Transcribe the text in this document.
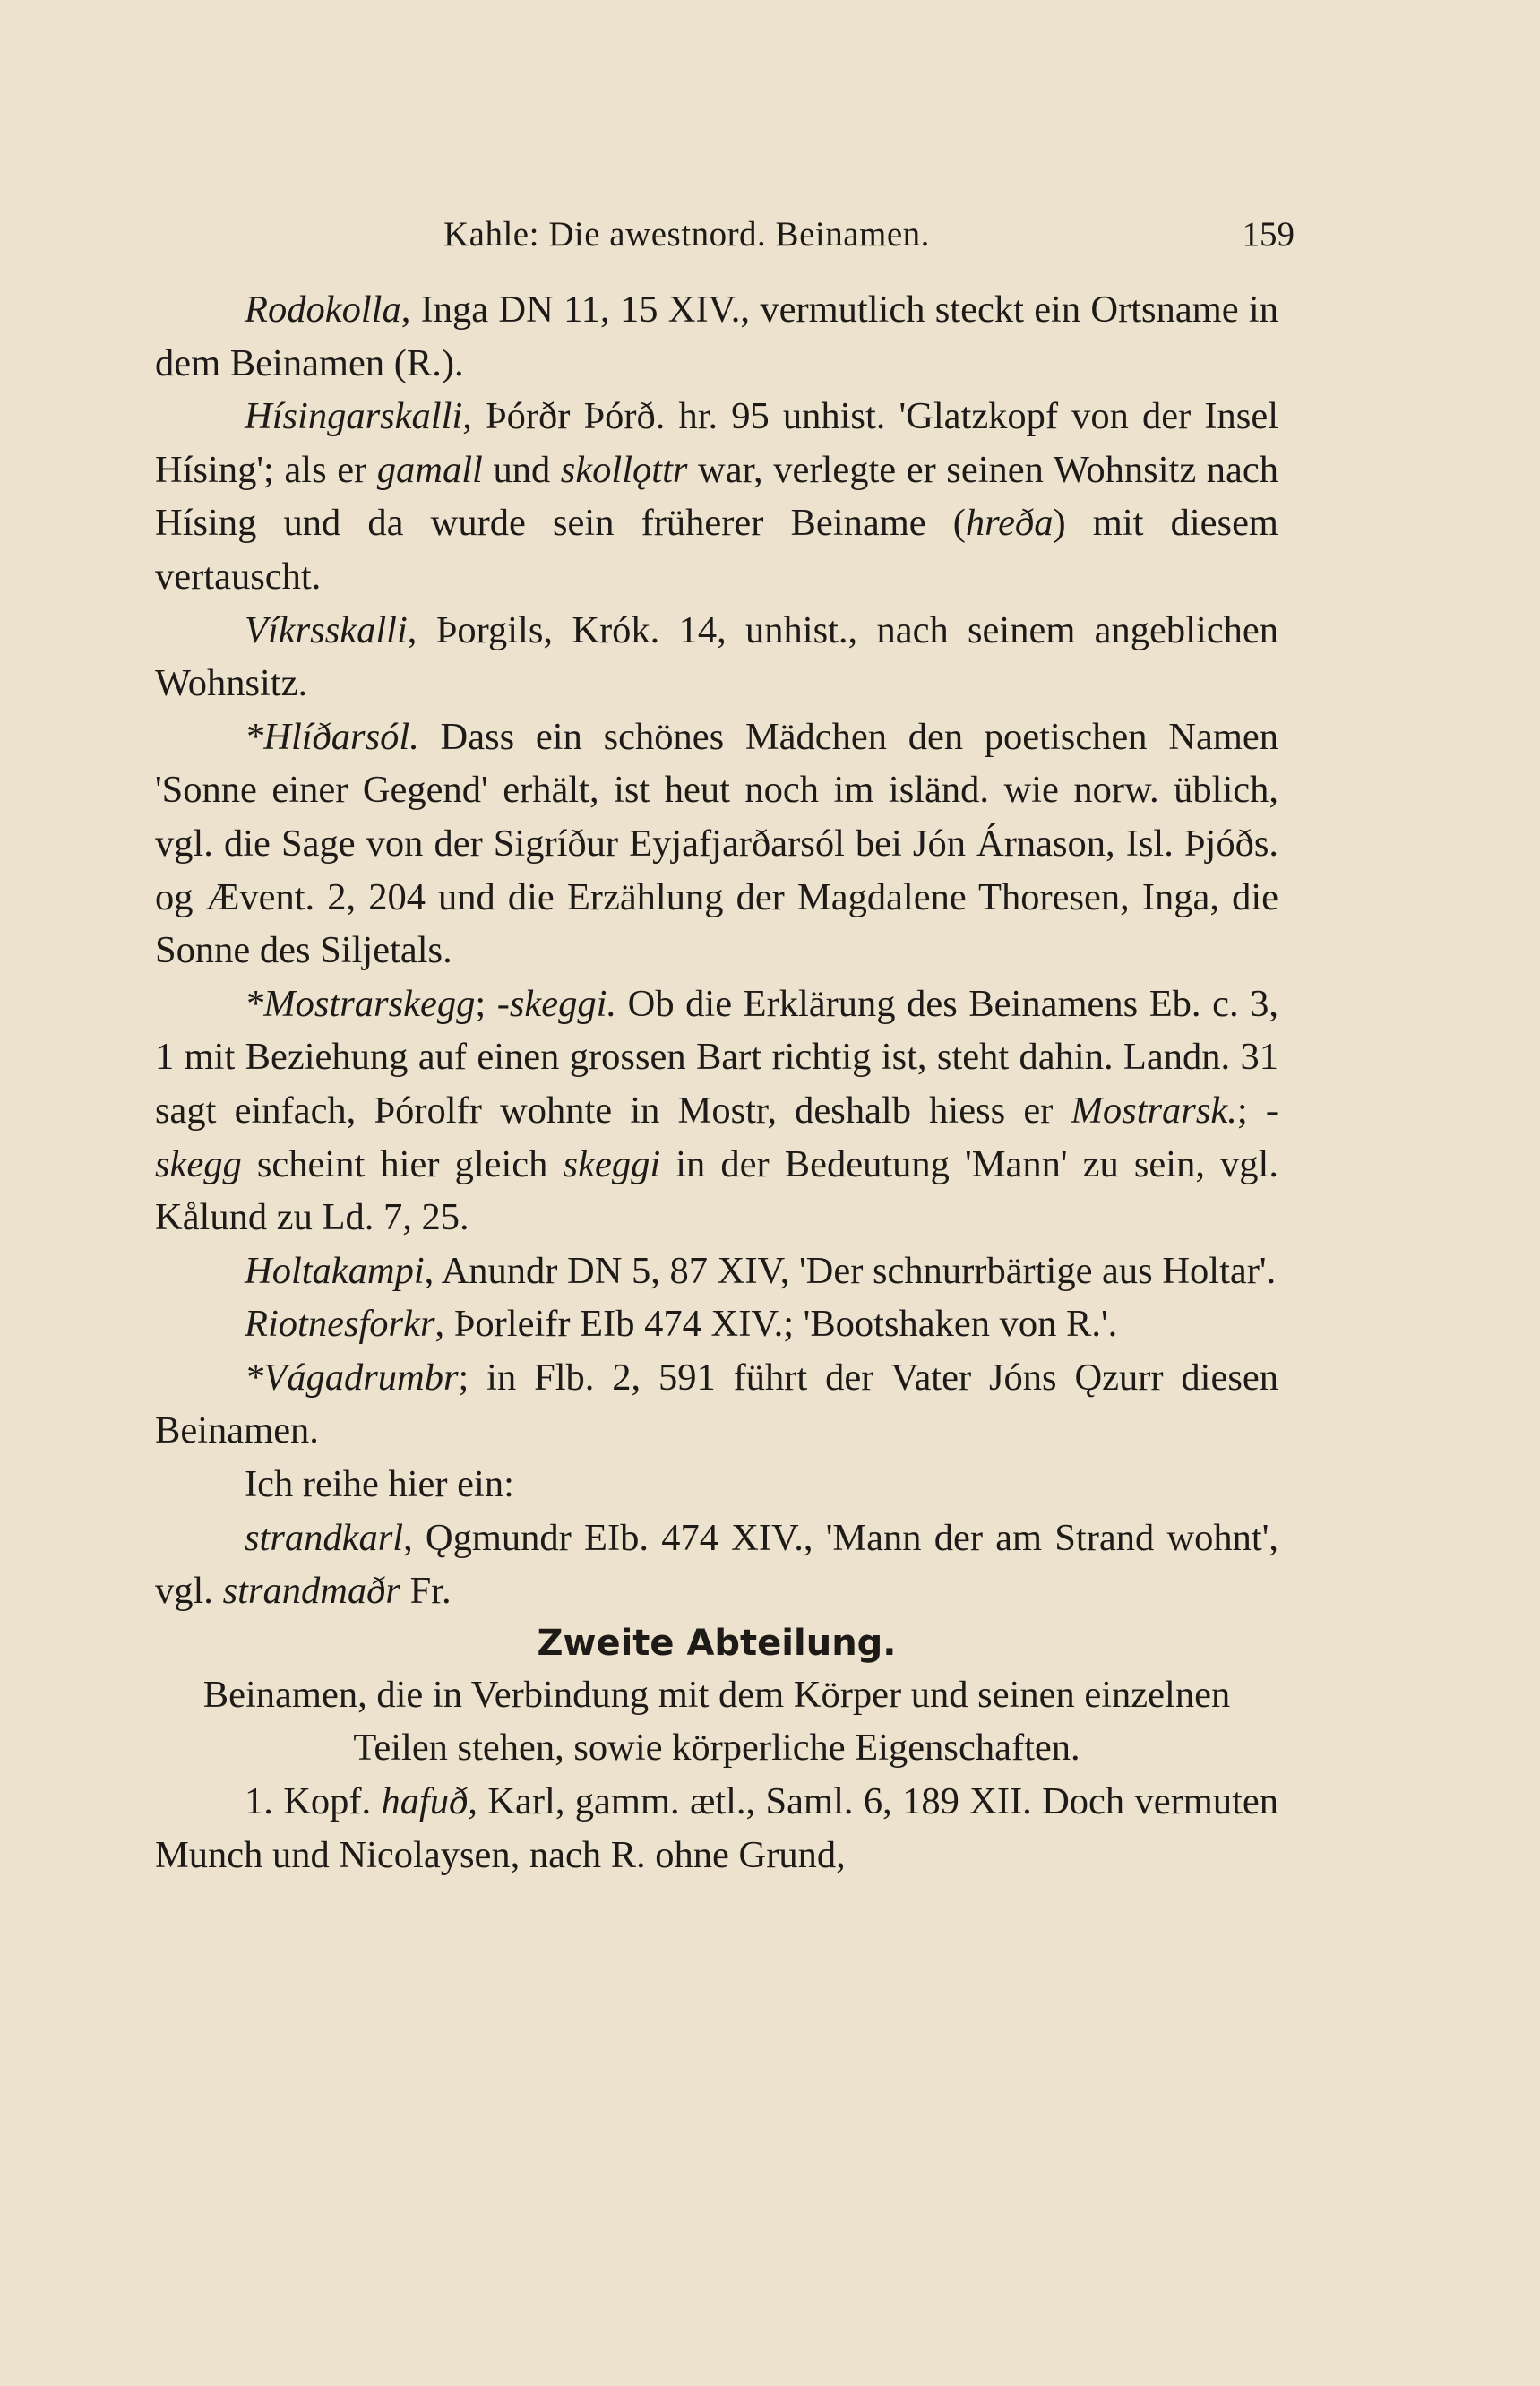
Kahle: Die awestnord. Beinamen.	159

Rodokolla, Inga DN 11, 15 XIV., vermutlich steckt ein Ortsname in dem Beinamen (R.).

Hísingarskalli, Þórðr Þórð. hr. 95 unhist. 'Glatzkopf von der Insel Hísing'; als er gamall und skollǫttr war, verlegte er seinen Wohnsitz nach Hísing und da wurde sein früherer Beiname (hreða) mit diesem vertauscht.

Víkrsskalli, Þorgils, Krók. 14, unhist., nach seinem angeblichen Wohnsitz.

*Hlíðarsól. Dass ein schönes Mädchen den poetischen Namen 'Sonne einer Gegend' erhält, ist heut noch im isländ. wie norw. üblich, vgl. die Sage von der Sigríður Eyjafjarðarsól bei Jón Árnason, Isl. Þjóðs. og Ævent. 2, 204 und die Erzählung der Magdalene Thoresen, Inga, die Sonne des Siljetals.

*Mostrarskegg; -skeggi. Ob die Erklärung des Beinamens Eb. c. 3, 1 mit Beziehung auf einen grossen Bart richtig ist, steht dahin. Landn. 31 sagt einfach, Þórolfr wohnte in Mostr, deshalb hiess er Mostrarsk.; -skegg scheint hier gleich skeggi in der Bedeutung 'Mann' zu sein, vgl. Kålund zu Ld. 7, 25.

Holtakampi, Anundr DN 5, 87 XIV, 'Der schnurrbärtige aus Holtar'.

Riotnesforkr, Þorleifr EIb 474 XIV.; 'Bootshaken von R.'.

*Vágadrumbr; in Flb. 2, 591 führt der Vater Jóns Ǫzurr diesen Beinamen.

Ich reihe hier ein:

strandkarl, Ǫgmundr EIb. 474 XIV., 'Mann der am Strand wohnt', vgl. strandmaðr Fr.

Zweite Abteilung.

Beinamen, die in Verbindung mit dem Körper und seinen einzelnen Teilen stehen, sowie körperliche Eigenschaften.

1. Kopf. hafuð, Karl, gamm. ætl., Saml. 6, 189 XII. Doch vermuten Munch und Nicolaysen, nach R. ohne Grund,
